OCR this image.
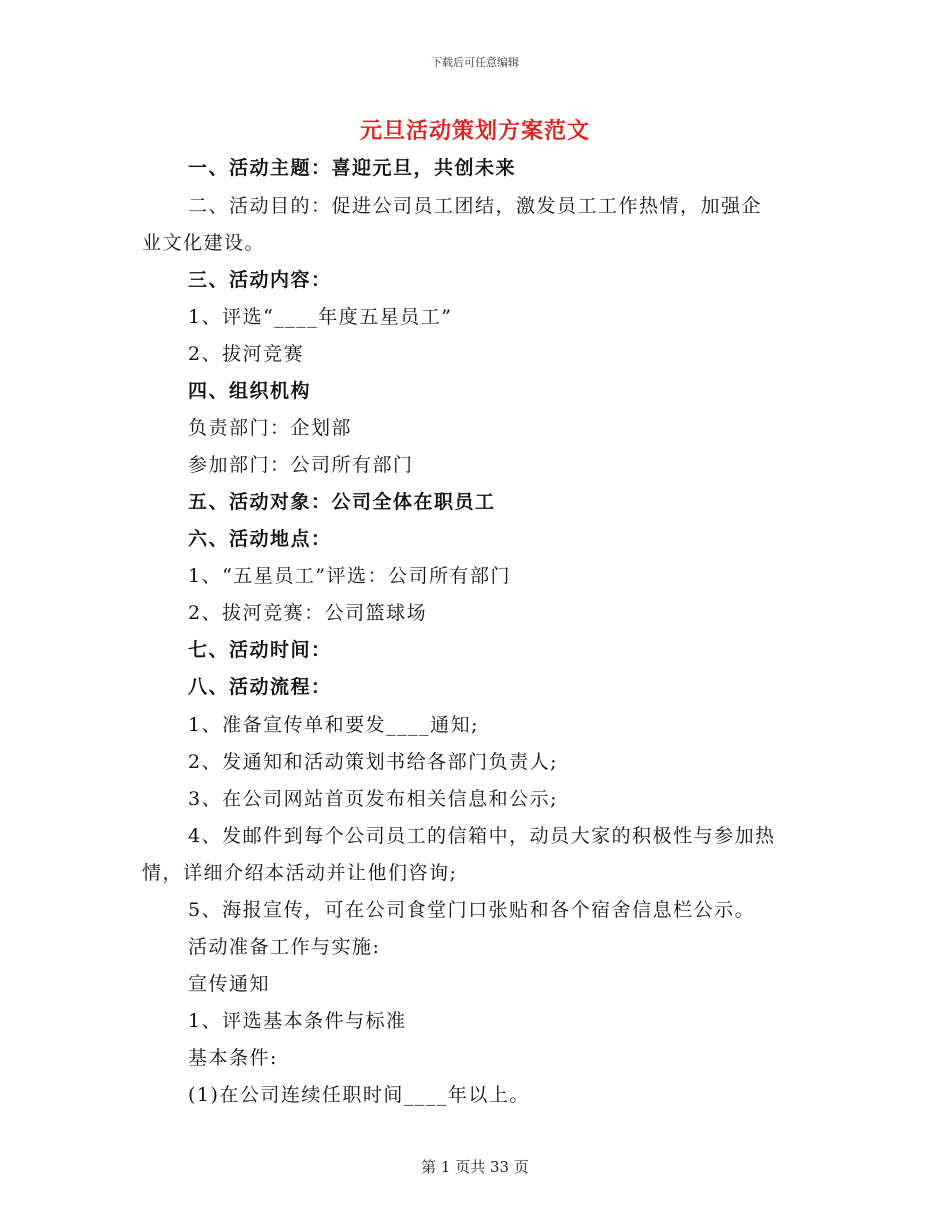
下载后可任意编辑
元旦活动策划方案范文
一、活动主题：喜迎元旦，共创未来
二、活动目的：促进公司员工团结，激发员工工作热情，加强企
业文化建设。
三、活动内容：
1、评选“____年度五星员工”
2、拔河竞赛
四、组织机构
负责部门：企划部
参加部门：公司所有部门
五、活动对象：公司全体在职员工
六、活动地点：
1、“五星员工”评选：公司所有部门
2、拔河竞赛：公司篮球场
七、活动时间：
八、活动流程：
1、准备宣传单和要发____通知;
2、发通知和活动策划书给各部门负责人;
3、在公司网站首页发布相关信息和公示;
4、发邮件到每个公司员工的信箱中，动员大家的积极性与参加热
情，详细介绍本活动并让他们咨询;
5、海报宣传，可在公司食堂门口张贴和各个宿舍信息栏公示。
活动准备工作与实施:
宣传通知
1、评选基本条件与标准
基本条件:
(1)在公司连续任职时间____年以上。
第 1 页共 33 页
